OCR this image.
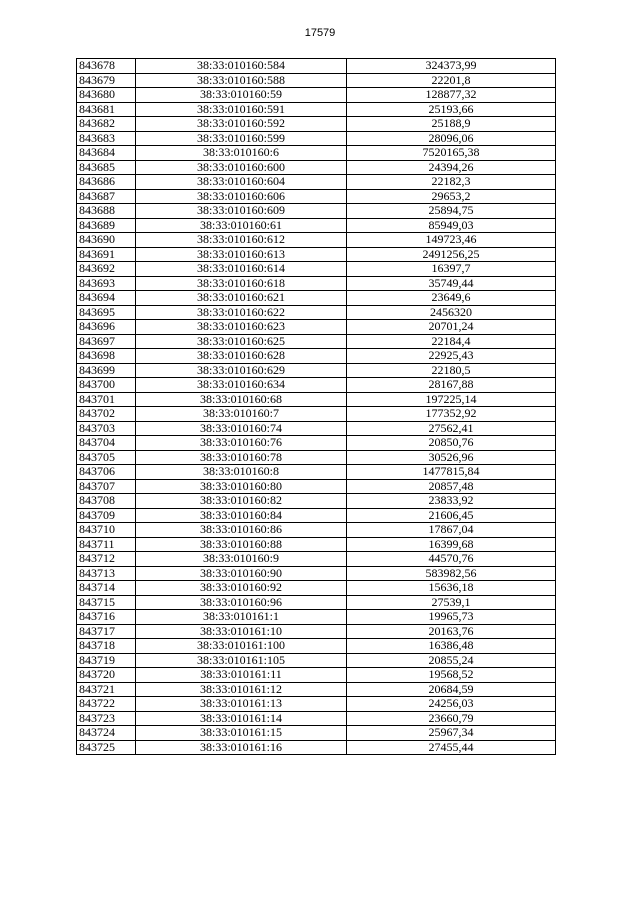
17579
843678	38:33:010160:584	324373,99
843679	38:33:010160:588	22201,8
843680	38:33:010160:59	128877,32
843681	38:33:010160:591	25193,66
843682	38:33:010160:592	25188,9
843683	38:33:010160:599	28096,06
843684	38:33:010160:6	7520165,38
843685	38:33:010160:600	24394,26
843686	38:33:010160:604	22182,3
843687	38:33:010160:606	29653,2
843688	38:33:010160:609	25894,75
843689	38:33:010160:61	85949,03
843690	38:33:010160:612	149723,46
843691	38:33:010160:613	2491256,25
843692	38:33:010160:614	16397,7
843693	38:33:010160:618	35749,44
843694	38:33:010160:621	23649,6
843695	38:33:010160:622	2456320
843696	38:33:010160:623	20701,24
843697	38:33:010160:625	22184,4
843698	38:33:010160:628	22925,43
843699	38:33:010160:629	22180,5
843700	38:33:010160:634	28167,88
843701	38:33:010160:68	197225,14
843702	38:33:010160:7	177352,92
843703	38:33:010160:74	27562,41
843704	38:33:010160:76	20850,76
843705	38:33:010160:78	30526,96
843706	38:33:010160:8	1477815,84
843707	38:33:010160:80	20857,48
843708	38:33:010160:82	23833,92
843709	38:33:010160:84	21606,45
843710	38:33:010160:86	17867,04
843711	38:33:010160:88	16399,68
843712	38:33:010160:9	44570,76
843713	38:33:010160:90	583982,56
843714	38:33:010160:92	15636,18
843715	38:33:010160:96	27539,1
843716	38:33:010161:1	19965,73
843717	38:33:010161:10	20163,76
843718	38:33:010161:100	16386,48
843719	38:33:010161:105	20855,24
843720	38:33:010161:11	19568,52
843721	38:33:010161:12	20684,59
843722	38:33:010161:13	24256,03
843723	38:33:010161:14	23660,79
843724	38:33:010161:15	25967,34
843725	38:33:010161:16	27455,44
